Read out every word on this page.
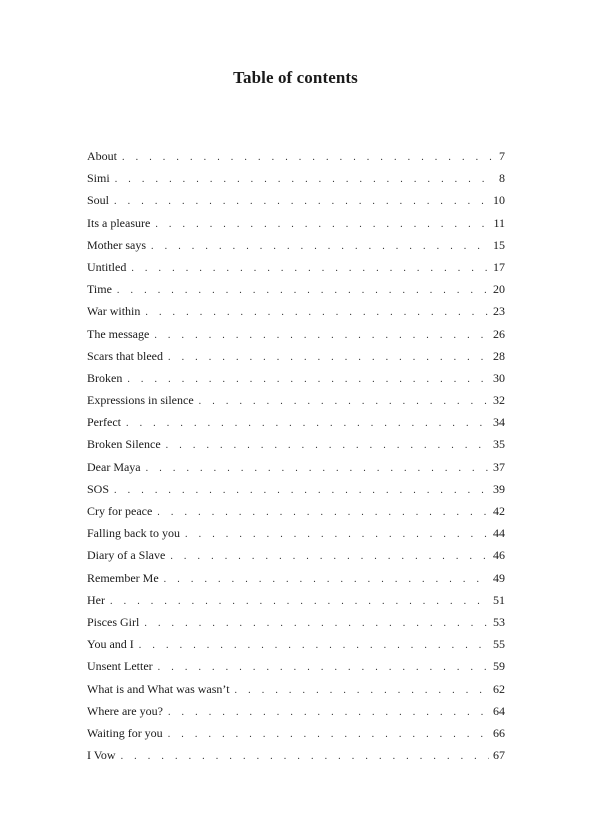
Table of contents
About . . .	7
Simi . . .	8
Soul . . .	10
Its a pleasure . . .	11
Mother says . . .	15
Untitled . . .	17
Time . . .	20
War within . . .	23
The message . . .	26
Scars that bleed . . .	28
Broken . . .	30
Expressions in silence . . .	32
Perfect . . .	34
Broken Silence . . .	35
Dear Maya . . .	37
SOS . . .	39
Cry for peace . . .	42
Falling back to you . . .	44
Diary of a Slave . . .	46
Remember Me . . .	49
Her . . .	51
Pisces Girl . . .	53
You and I . . .	55
Unsent Letter . . .	59
What is and What was wasn’t . . .	62
Where are you? . . .	64
Waiting for you . . .	66
I Vow . . .	67
